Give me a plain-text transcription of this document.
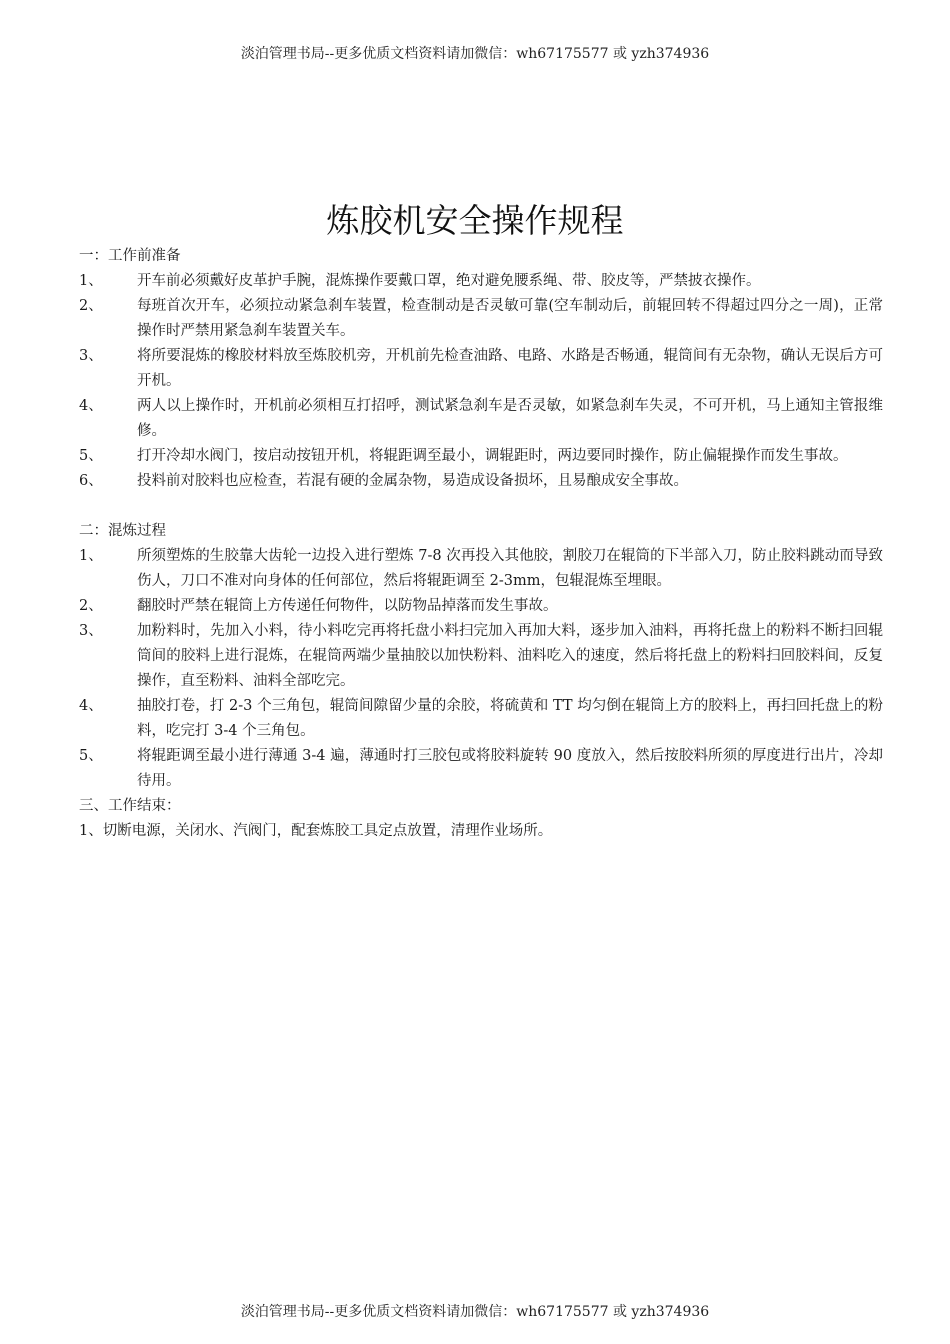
淡泊管理书局--更多优质文档资料请加微信：wh67175577 或 yzh374936
炼胶机安全操作规程

一：工作前准备

1、	开车前必须戴好皮革护手腕，混炼操作要戴口罩，绝对避免腰系绳、带、胶皮等，严禁披衣操作。
2、	每班首次开车，必须拉动紧急刹车装置，检查制动是否灵敏可靠(空车制动后，前辊回转不得超过四分之一周)，正常操作时严禁用紧急刹车装置关车。
3、	将所要混炼的橡胶材料放至炼胶机旁，开机前先检查油路、电路、水路是否畅通，辊筒间有无杂物，确认无误后方可开机。
4、	两人以上操作时，开机前必须相互打招呼，测试紧急刹车是否灵敏，如紧急刹车失灵，不可开机，马上通知主管报维修。
5、	打开冷却水阀门，按启动按钮开机，将辊距调至最小，调辊距时，两边要同时操作，防止偏辊操作而发生事故。
6、	投料前对胶料也应检查，若混有硬的金属杂物，易造成设备损坏，且易酿成安全事故。

二：混炼过程

1、	所须塑炼的生胶靠大齿轮一边投入进行塑炼 7-8 次再投入其他胶，割胶刀在辊筒的下半部入刀，防止胶料跳动而导致伤人，刀口不准对向身体的任何部位，然后将辊距调至 2-3mm，包辊混炼至埋眼。
2、	翻胶时严禁在辊筒上方传递任何物件，以防物品掉落而发生事故。
3、	加粉料时，先加入小料，待小料吃完再将托盘小料扫完加入再加大料，逐步加入油料，再将托盘上的粉料不断扫回辊筒间的胶料上进行混炼，在辊筒两端少量抽胶以加快粉料、油料吃入的速度，然后将托盘上的粉料扫回胶料间，反复操作，直至粉料、油料全部吃完。
4、	抽胶打卷，打 2-3 个三角包，辊筒间隙留少量的余胶，将硫黄和 TT 均匀倒在辊筒上方的胶料上，再扫回托盘上的粉料，吃完打 3-4 个三角包。
5、	将辊距调至最小进行薄通 3-4 遍，薄通时打三胶包或将胶料旋转 90 度放入，然后按胶料所须的厚度进行出片，冷却待用。

三、工作结束：

1、切断电源，关闭水、汽阀门，配套炼胶工具定点放置，清理作业场所。

淡泊管理书局--更多优质文档资料请加微信：wh67175577 或 yzh374936
